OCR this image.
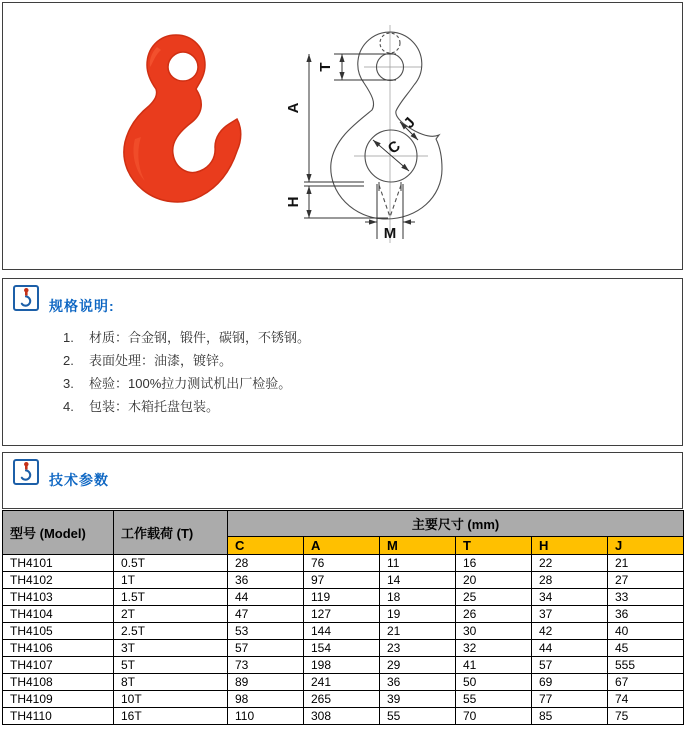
T
A
H
C
J
M
规格说明:
1.	材质：合金钢，锻件，碳钢，不锈钢。
2.	表面处理：油漆，镀锌。
3.	检验：100%拉力测试机出厂检验。
4.	包装：木箱托盘包装。
技术参数
型号 (Model)	工作载荷 (T)	主要尺寸 (mm)					
		C	A	M	T	H	J
TH4101	0.5T	28	76	11	16	22	21
TH4102	1T	36	97	14	20	28	27
TH4103	1.5T	44	119	18	25	34	33
TH4104	2T	47	127	19	26	37	36
TH4105	2.5T	53	144	21	30	42	40
TH4106	3T	57	154	23	32	44	45
TH4107	5T	73	198	29	41	57	555
TH4108	8T	89	241	36	50	69	67
TH4109	10T	98	265	39	55	77	74
TH4110	16T	110	308	55	70	85	75
